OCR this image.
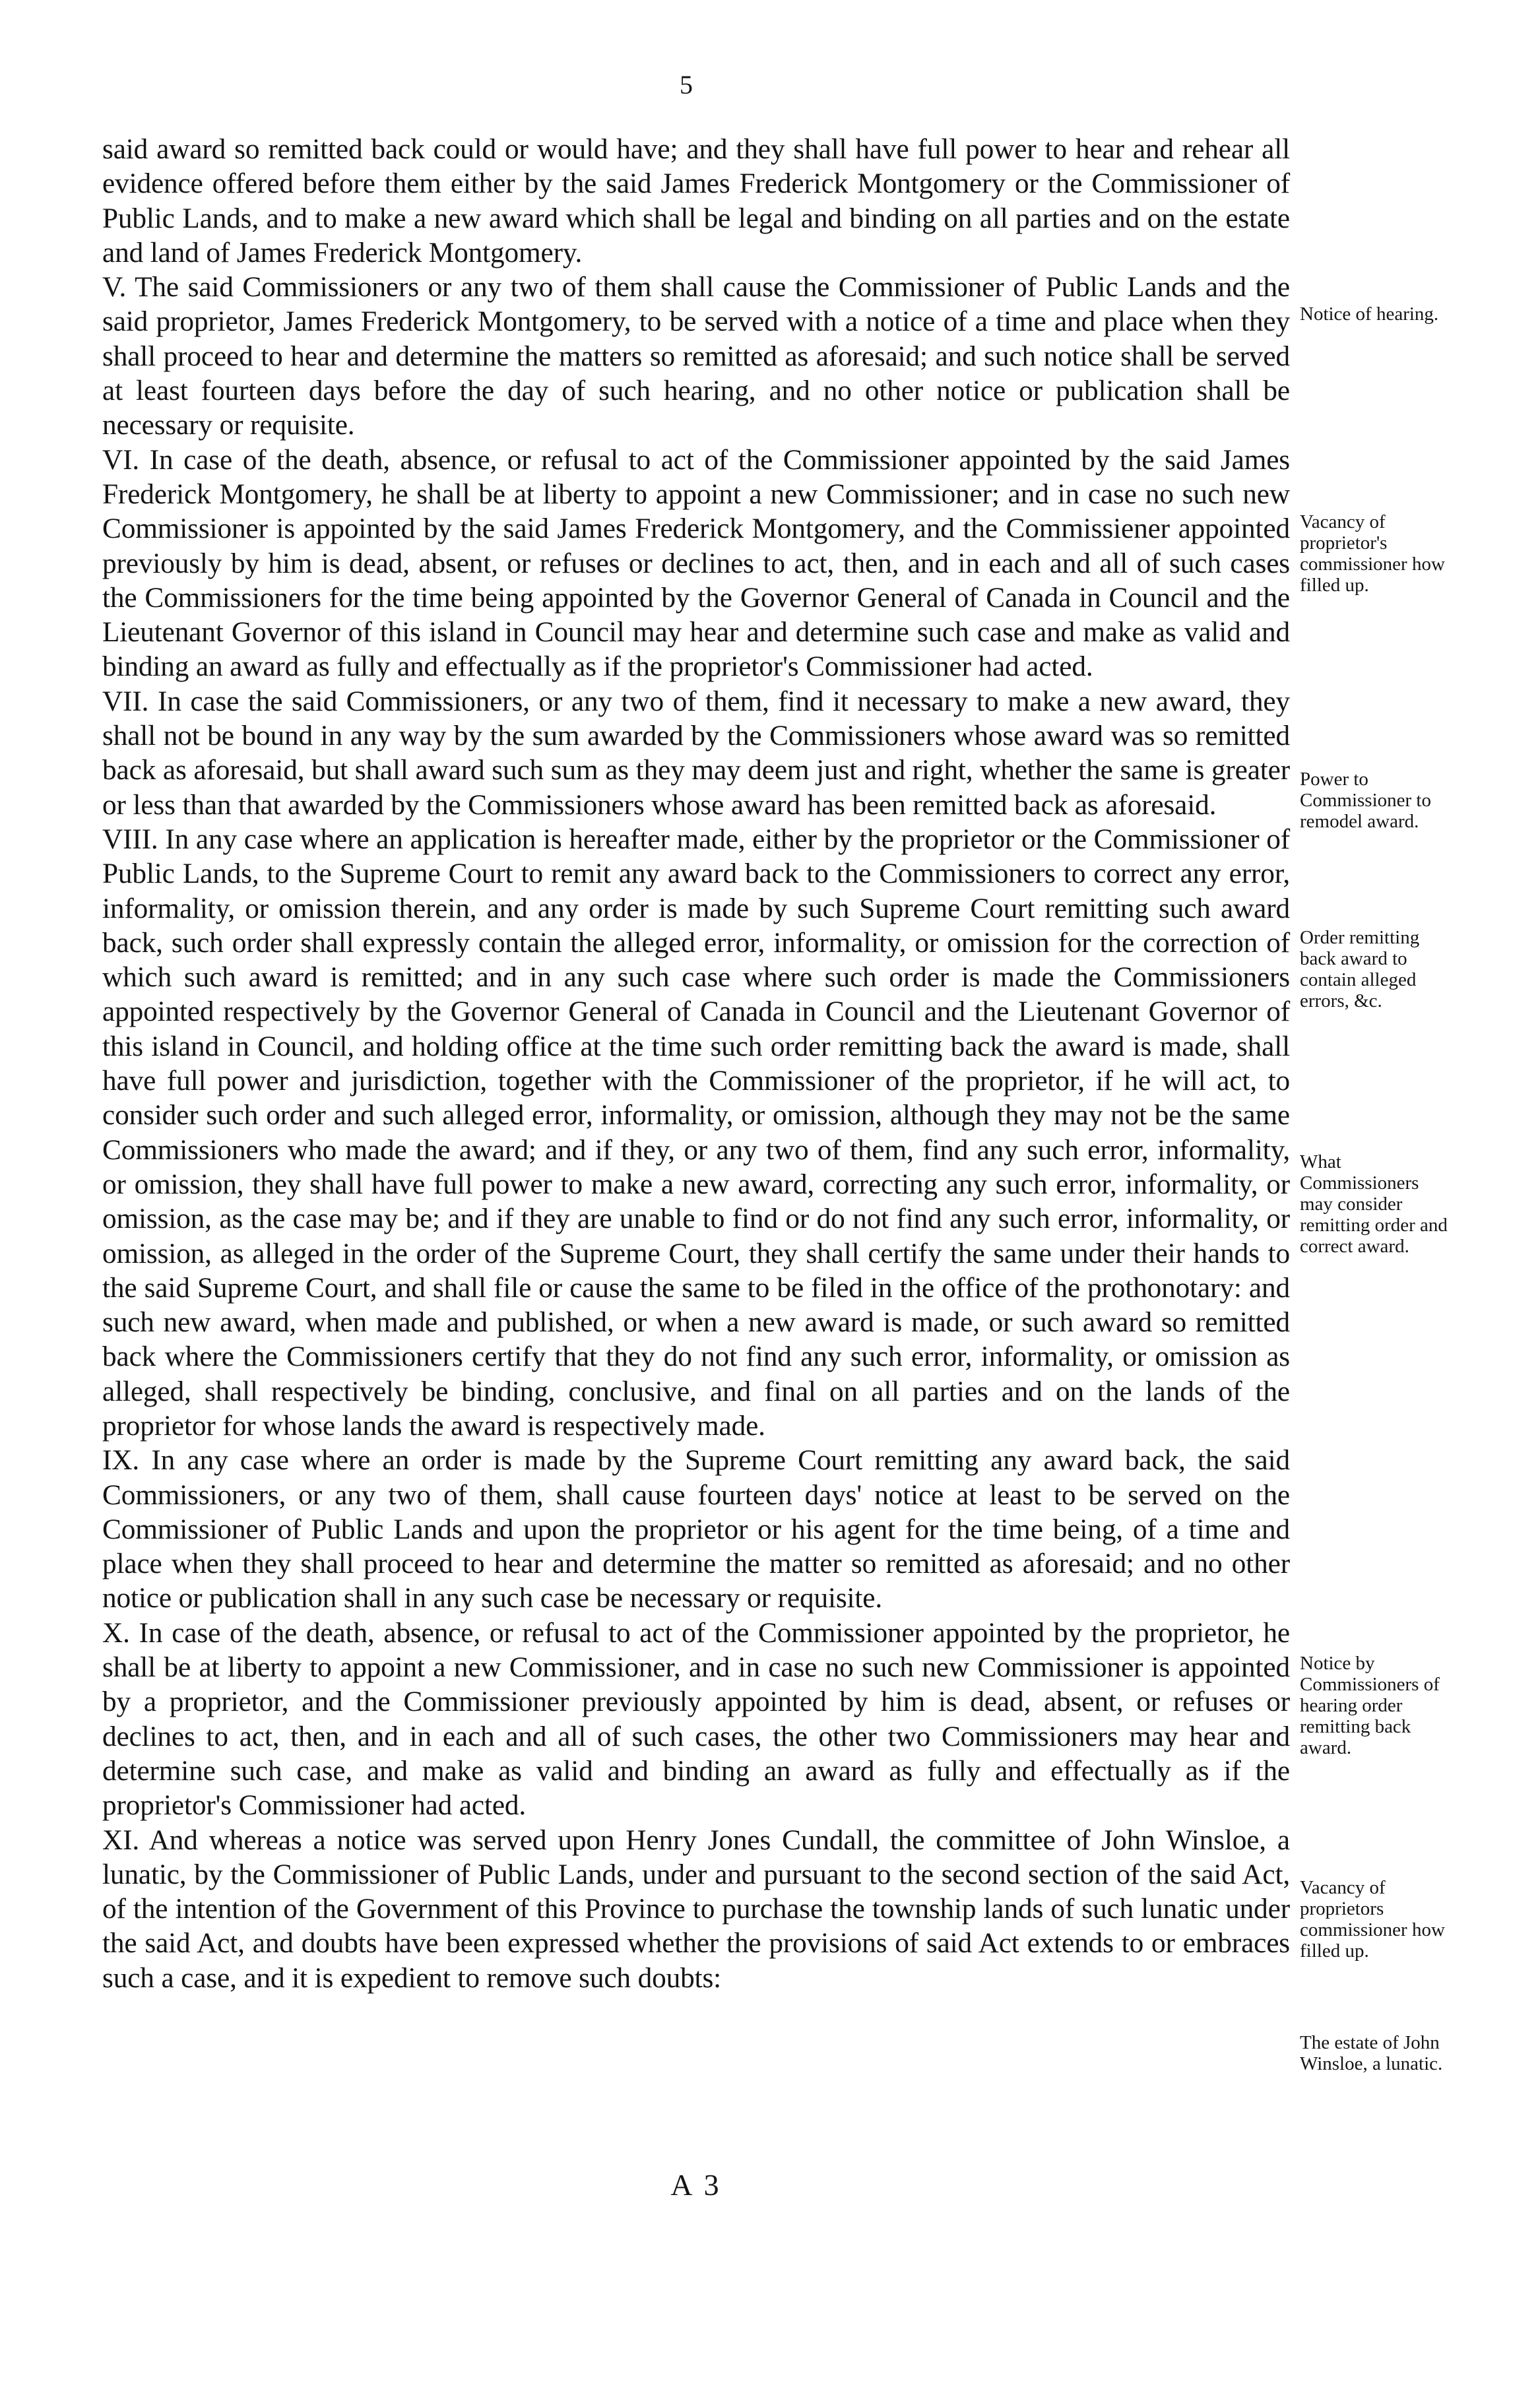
5

said award so remitted back could or would have; and they shall have full power to hear and rehear all evidence offered before them either by the said James Frederick Montgomery or the Commissioner of Public Lands, and to make a new award which shall be legal and binding on all parties and on the estate and land of James Frederick Montgomery.

V. The said Commissioners or any two of them shall cause the Commissioner of Public Lands and the said proprietor, James Frederick Montgomery, to be served with a notice of a time and place when they shall proceed to hear and determine the matters so remitted as aforesaid; and such notice shall be served at least fourteen days before the day of such hearing, and no other notice or publication shall be necessary or requisite.

VI. In case of the death, absence, or refusal to act of the Commissioner appointed by the said James Frederick Montgomery, he shall be at liberty to appoint a new Commissioner; and in case no such new Commissioner is appointed by the said James Frederick Montgomery, and the Commissiener appointed previously by him is dead, absent, or refuses or declines to act, then, and in each and all of such cases the Commissioners for the time being appointed by the Governor General of Canada in Council and the Lieutenant Governor of this island in Council may hear and determine such case and make as valid and binding an award as fully and effectually as if the proprietor's Commissioner had acted.

VII. In case the said Commissioners, or any two of them, find it necessary to make a new award, they shall not be bound in any way by the sum awarded by the Commissioners whose award was so remitted back as aforesaid, but shall award such sum as they may deem just and right, whether the same is greater or less than that awarded by the Commissioners whose award has been remitted back as aforesaid.

VIII. In any case where an application is hereafter made, either by the proprietor or the Commissioner of Public Lands, to the Supreme Court to remit any award back to the Commissioners to correct any error, informality, or omission therein, and any order is made by such Supreme Court remitting such award back, such order shall expressly contain the alleged error, informality, or omission for the correction of which such award is remitted; and in any such case where such order is made the Commissioners appointed respectively by the Governor General of Canada in Council and the Lieutenant Governor of this island in Council, and holding office at the time such order remitting back the award is made, shall have full power and jurisdiction, together with the Commissioner of the proprietor, if he will act, to consider such order and such alleged error, informality, or omission, although they may not be the same Commissioners who made the award; and if they, or any two of them, find any such error, informality, or omission, they shall have full power to make a new award, correcting any such error, informality, or omission, as the case may be; and if they are unable to find or do not find any such error, informality, or omission, as alleged in the order of the Supreme Court, they shall certify the same under their hands to the said Supreme Court, and shall file or cause the same to be filed in the office of the prothonotary: and such new award, when made and published, or when a new award is made, or such award so remitted back where the Commissioners certify that they do not find any such error, informality, or omission as alleged, shall respectively be binding, conclusive, and final on all parties and on the lands of the proprietor for whose lands the award is respectively made.

IX. In any case where an order is made by the Supreme Court remitting any award back, the said Commissioners, or any two of them, shall cause fourteen days' notice at least to be served on the Commissioner of Public Lands and upon the proprietor or his agent for the time being, of a time and place when they shall proceed to hear and determine the matter so remitted as aforesaid; and no other notice or publication shall in any such case be necessary or requisite.

X. In case of the death, absence, or refusal to act of the Commissioner appointed by the proprietor, he shall be at liberty to appoint a new Commissioner, and in case no such new Commissioner is appointed by a proprietor, and the Commissioner previously appointed by him is dead, absent, or refuses or declines to act, then, and in each and all of such cases, the other two Commissioners may hear and determine such case, and make as valid and binding an award as fully and effectually as if the proprietor's Commissioner had acted.

XI. And whereas a notice was served upon Henry Jones Cundall, the committee of John Winsloe, a lunatic, by the Commissioner of Public Lands, under and pursuant to the second section of the said Act, of the intention of the Government of this Province to purchase the township lands of such lunatic under the said Act, and doubts have been expressed whether the provisions of said Act extends to or embraces such a case, and it is expedient to remove such doubts:

Notice of hearing.
Vacancy of proprietor's commissioner how filled up.
Power to Commissioner to remodel award.
Order remitting back award to contain alleged errors, &c.
What Commissioners may consider remitting order and correct award.
Notice by Commissioners of hearing order remitting back award.
Vacancy of proprietors commissioner how filled up.
The estate of John Winsloe, a lunatic.
A 3
